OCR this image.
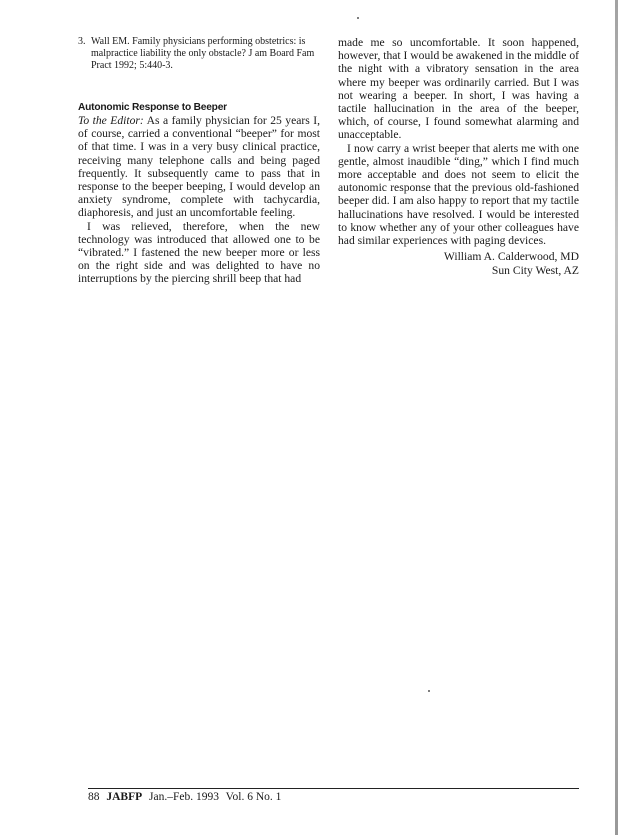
3. Wall EM. Family physicians performing obstetrics: is malpractice liability the only obstacle? J am Board Fam Pract 1992; 5:440-3.
Autonomic Response to Beeper

To the Editor: As a family physician for 25 years I, of course, carried a conventional “beeper” for most of that time. I was in a very busy clinical practice, receiving many telephone calls and being paged frequently. It subsequently came to pass that in response to the beeper beeping, I would develop an anxiety syndrome, complete with tachycardia, diaphoresis, and just an uncomfortable feeling.

I was relieved, therefore, when the new technology was introduced that allowed one to be “vibrated.” I fastened the new beeper more or less on the right side and was delighted to have no interruptions by the piercing shrill beep that had

made me so uncomfortable. It soon happened, however, that I would be awakened in the middle of the night with a vibratory sensation in the area where my beeper was ordinarily carried. But I was not wearing a beeper. In short, I was having a tactile hallucination in the area of the beeper, which, of course, I found somewhat alarming and unacceptable.

I now carry a wrist beeper that alerts me with one gentle, almost inaudible “ding,” which I find much more acceptable and does not seem to elicit the autonomic response that the previous old-fashioned beeper did. I am also happy to report that my tactile hallucinations have resolved. I would be interested to know whether any of your other colleagues have had similar experiences with paging devices.

William A. Calderwood, MD
Sun City West, AZ
88 JABFP Jan.–Feb. 1993 Vol. 6 No. 1
